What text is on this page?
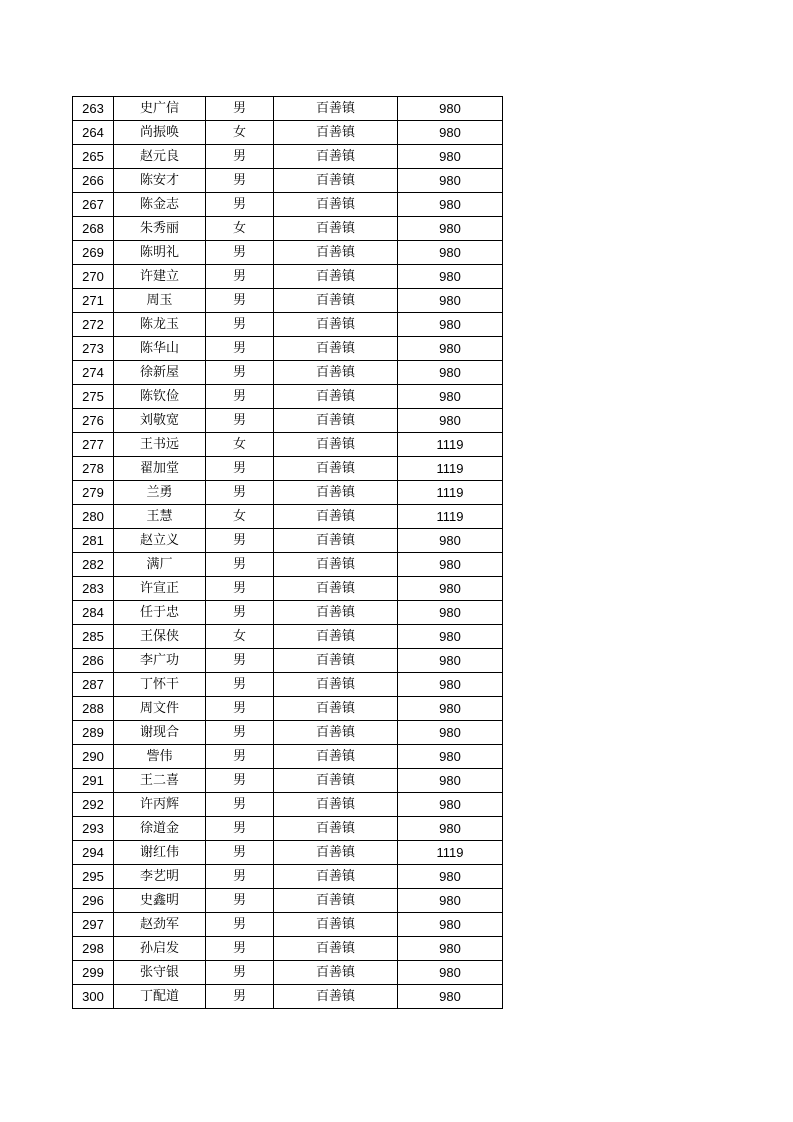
263	史广信	男	百善镇	980
264	尚振唤	女	百善镇	980
265	赵元良	男	百善镇	980
266	陈安才	男	百善镇	980
267	陈金志	男	百善镇	980
268	朱秀丽	女	百善镇	980
269	陈明礼	男	百善镇	980
270	许建立	男	百善镇	980
271	周玉	男	百善镇	980
272	陈龙玉	男	百善镇	980
273	陈华山	男	百善镇	980
274	徐新屋	男	百善镇	980
275	陈钦俭	男	百善镇	980
276	刘敬宽	男	百善镇	980
277	王书远	女	百善镇	1119
278	翟加堂	男	百善镇	1119
279	兰勇	男	百善镇	1119
280	王慧	女	百善镇	1119
281	赵立义	男	百善镇	980
282	满厂	男	百善镇	980
283	许宣正	男	百善镇	980
284	任于忠	男	百善镇	980
285	王保侠	女	百善镇	980
286	李广功	男	百善镇	980
287	丁怀干	男	百善镇	980
288	周文件	男	百善镇	980
289	谢现合	男	百善镇	980
290	訾伟	男	百善镇	980
291	王二喜	男	百善镇	980
292	许丙辉	男	百善镇	980
293	徐道金	男	百善镇	980
294	谢红伟	男	百善镇	1119
295	李艺明	男	百善镇	980
296	史鑫明	男	百善镇	980
297	赵劲军	男	百善镇	980
298	孙启发	男	百善镇	980
299	张守银	男	百善镇	980
300	丁配道	男	百善镇	980
